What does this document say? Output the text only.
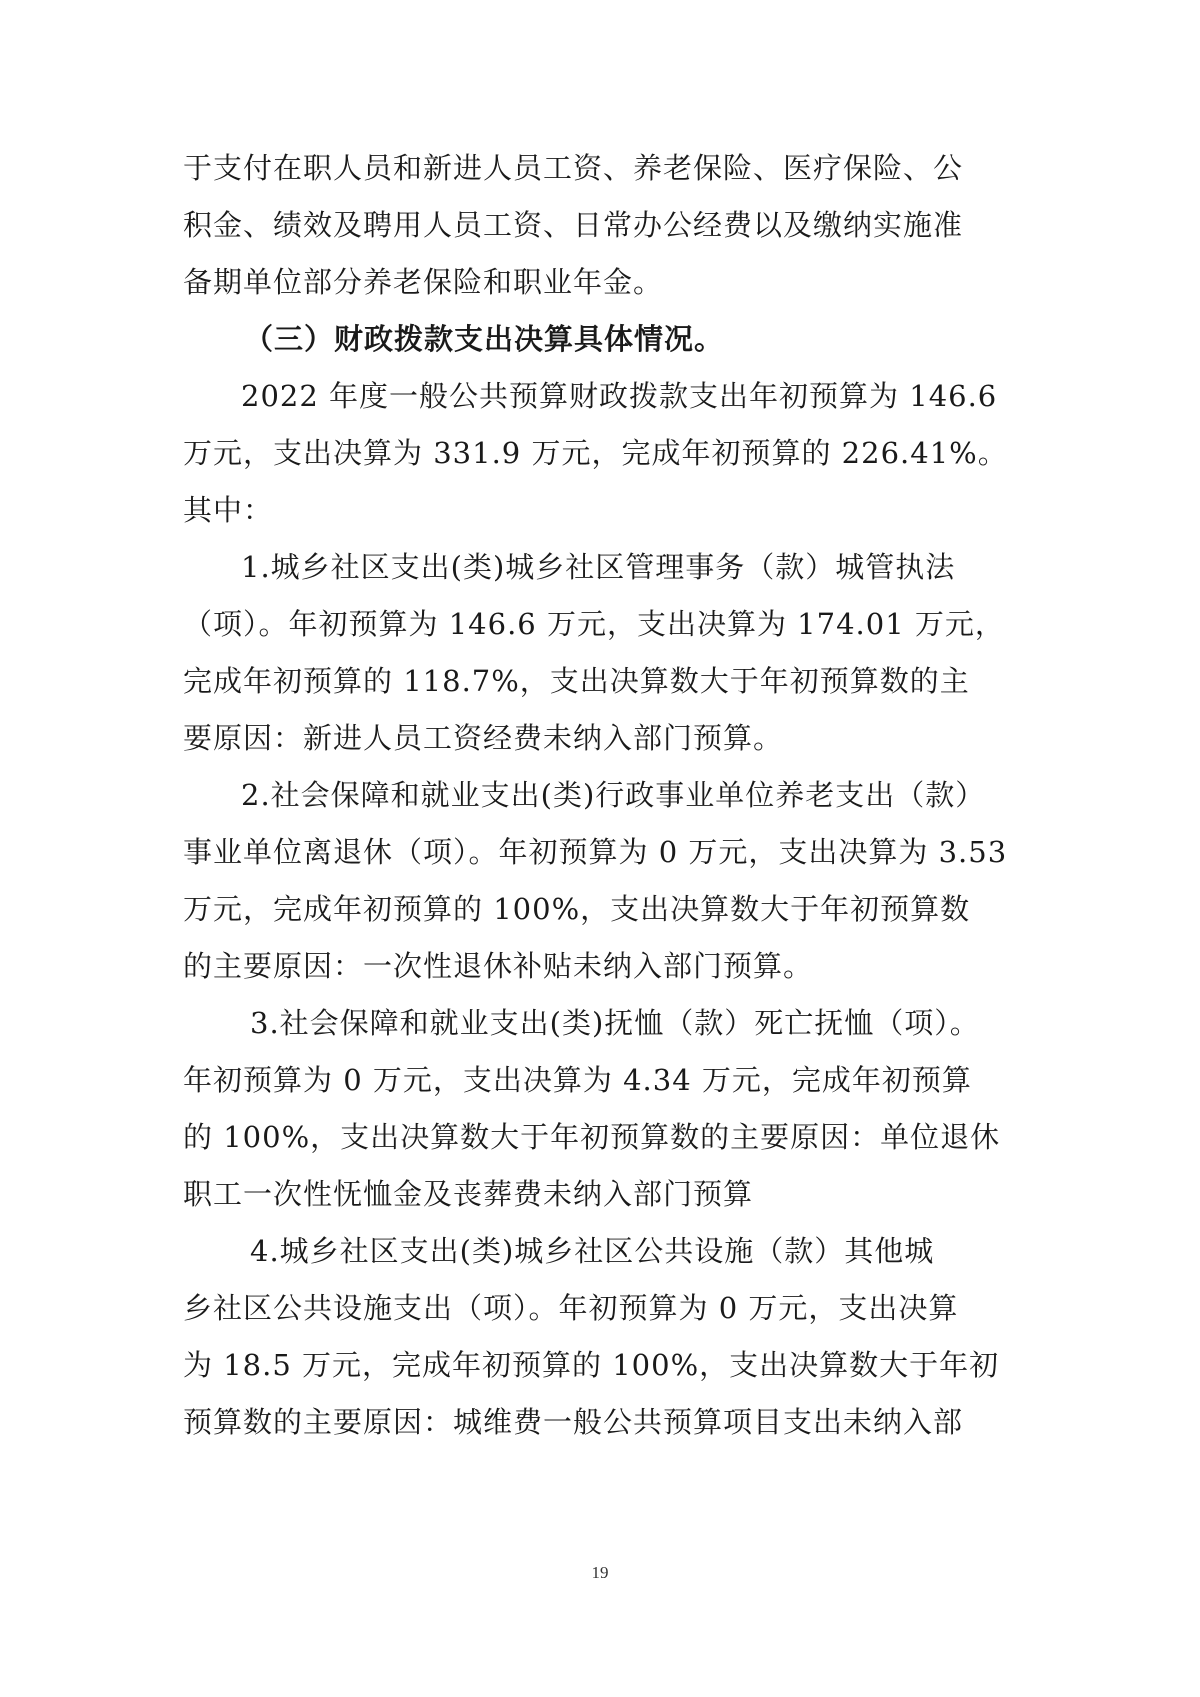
于支付在职人员和新进人员工资、养老保险、医疗保险、公
积金、绩效及聘用人员工资、日常办公经费以及缴纳实施准
备期单位部分养老保险和职业年金。
（三）财政拨款支出决算具体情况。
2022 年度一般公共预算财政拨款支出年初预算为 146.6
万元，支出决算为 331.9 万元，完成年初预算的 226.41%。
其中：
1.城乡社区支出(类)城乡社区管理事务（款）城管执法
（项）。年初预算为 146.6 万元，支出决算为 174.01 万元，
完成年初预算的 118.7%，支出决算数大于年初预算数的主
要原因：新进人员工资经费未纳入部门预算。
2.社会保障和就业支出(类)行政事业单位养老支出（款）
事业单位离退休（项）。年初预算为 0 万元，支出决算为 3.53
万元，完成年初预算的 100%，支出决算数大于年初预算数
的主要原因：一次性退休补贴未纳入部门预算。
3.社会保障和就业支出(类)抚恤（款）死亡抚恤（项）。
年初预算为 0 万元，支出决算为 4.34 万元，完成年初预算
的 100%，支出决算数大于年初预算数的主要原因：单位退休
职工一次性怃恤金及丧葬费未纳入部门预算
4.城乡社区支出(类)城乡社区公共设施（款）其他城
乡社区公共设施支出（项）。年初预算为 0 万元，支出决算
为 18.5 万元，完成年初预算的 100%，支出决算数大于年初
预算数的主要原因：城维费一般公共预算项目支出未纳入部
19
